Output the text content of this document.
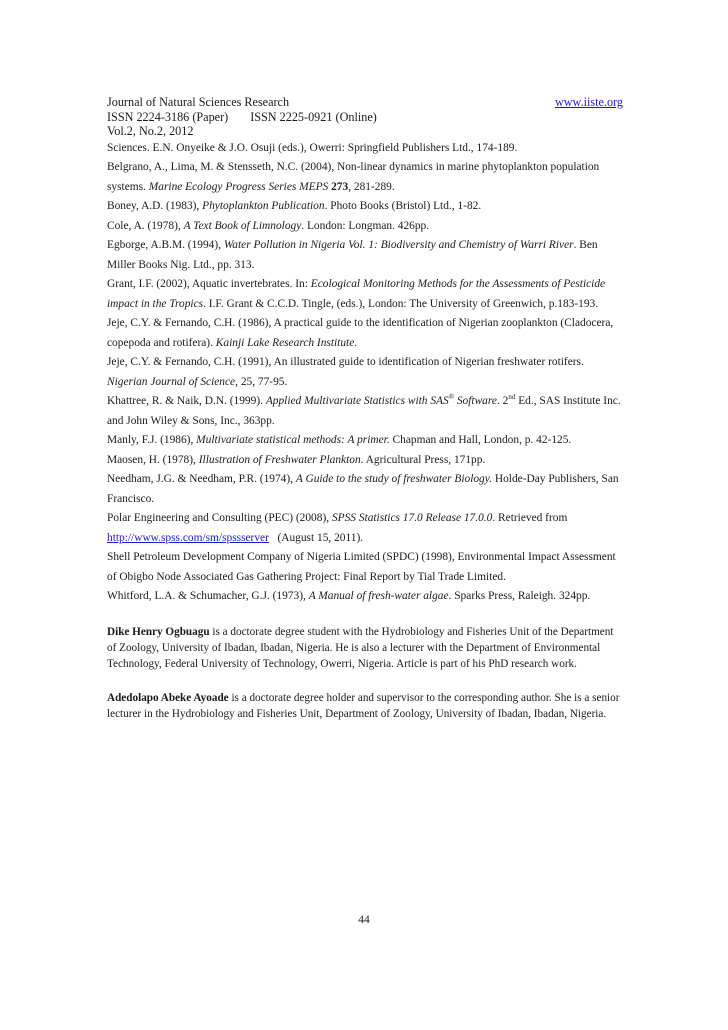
Journal of Natural Sciences Research	www.iiste.org
ISSN 2224-3186 (Paper) ISSN 2225-0921 (Online)
Vol.2, No.2, 2012
Sciences. E.N. Onyeike & J.O. Osuji (eds.), Owerri: Springfield Publishers Ltd., 174-189.
Belgrano, A., Lima, M. & Stensseth, N.C. (2004), Non-linear dynamics in marine phytoplankton population systems. Marine Ecology Progress Series MEPS 273, 281-289.
Boney, A.D. (1983), Phytoplankton Publication. Photo Books (Bristol) Ltd., 1-82.
Cole, A. (1978), A Text Book of Limnology. London: Longman. 426pp.
Egborge, A.B.M. (1994), Water Pollution in Nigeria Vol. 1: Biodiversity and Chemistry of Warri River. Ben Miller Books Nig. Ltd., pp. 313.
Grant, I.F. (2002), Aquatic invertebrates. In: Ecological Monitoring Methods for the Assessments of Pesticide impact in the Tropics. I.F. Grant & C.C.D. Tingle, (eds.), London: The University of Greenwich, p.183-193.
Jeje, C.Y. & Fernando, C.H. (1986), A practical guide to the identification of Nigerian zooplankton (Cladocera, copepoda and rotifera). Kainji Lake Research Institute.
Jeje, C.Y. & Fernando, C.H. (1991), An illustrated guide to identification of Nigerian freshwater rotifers. Nigerian Journal of Science, 25, 77-95.
Khattree, R. & Naik, D.N. (1999). Applied Multivariate Statistics with SAS® Software. 2nd Ed., SAS Institute Inc. and John Wiley & Sons, Inc., 363pp.
Manly, F.J. (1986), Multivariate statistical methods: A primer. Chapman and Hall, London, p. 42-125.
Maosen, H. (1978), Illustration of Freshwater Plankton. Agricultural Press, 171pp.
Needham, J.G. & Needham, P.R. (1974), A Guide to the study of freshwater Biology. Holde-Day Publishers, San Francisco.
Polar Engineering and Consulting (PEC) (2008), SPSS Statistics 17.0 Release 17.0.0. Retrieved from http://www.spss.com/sm/spssserver   (August 15, 2011).
Shell Petroleum Development Company of Nigeria Limited (SPDC) (1998), Environmental Impact Assessment of Obigbo Node Associated Gas Gathering Project: Final Report by Tial Trade Limited.
Whitford, L.A. & Schumacher, G.J. (1973), A Manual of fresh-water algae. Sparks Press, Raleigh. 324pp.
Dike Henry Ogbuagu is a doctorate degree student with the Hydrobiology and Fisheries Unit of the Department of Zoology, University of Ibadan, Ibadan, Nigeria. He is also a lecturer with the Department of Environmental Technology, Federal University of Technology, Owerri, Nigeria. Article is part of his PhD research work.
Adedolapo Abeke Ayoade is a doctorate degree holder and supervisor to the corresponding author. She is a senior lecturer in the Hydrobiology and Fisheries Unit, Department of Zoology, University of Ibadan, Ibadan, Nigeria.
44
